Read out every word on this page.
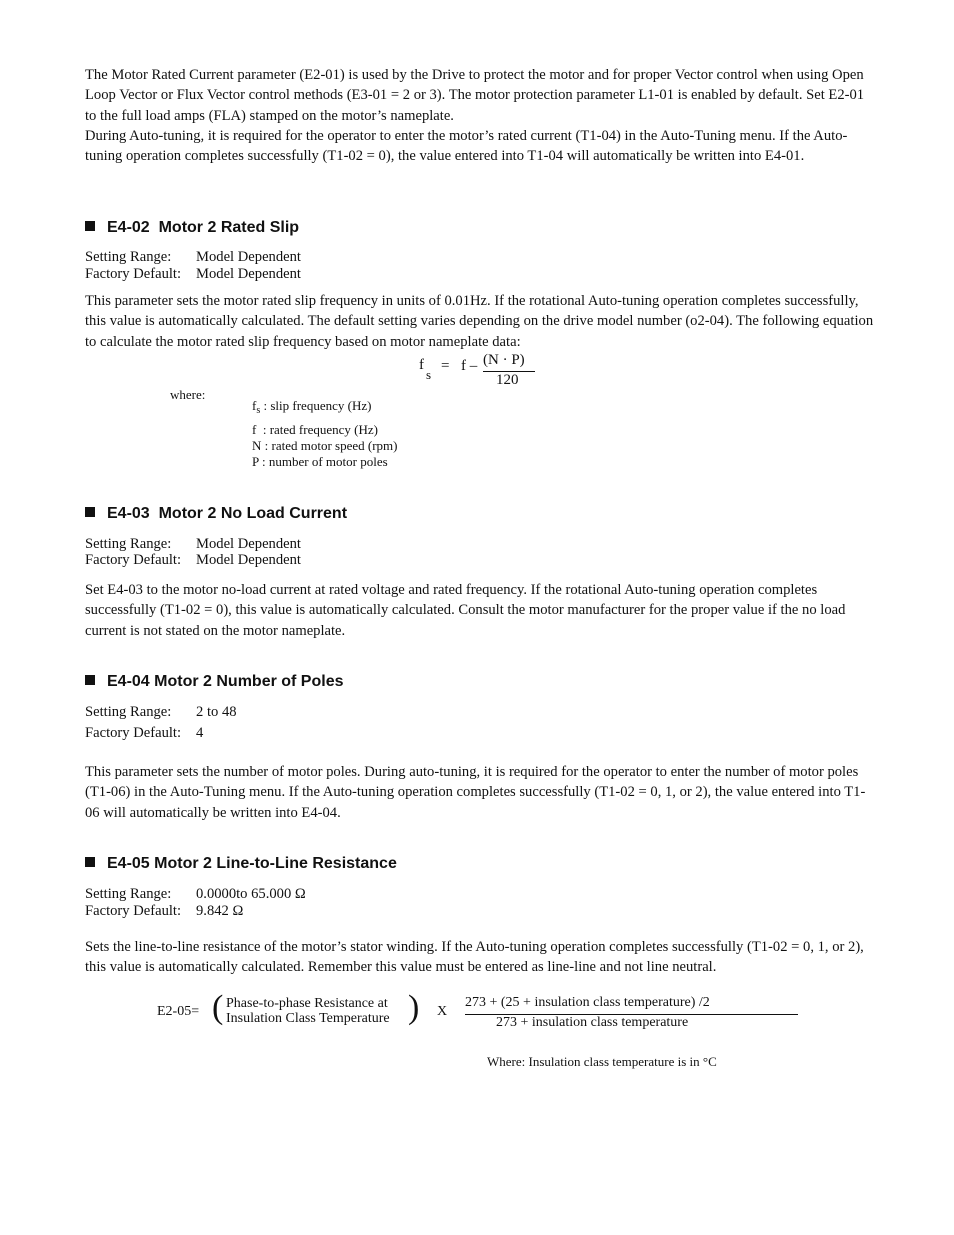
The Motor Rated Current parameter (E2-01) is used by the Drive to protect the motor and for proper Vector control when using Open Loop Vector or Flux Vector control methods (E3-01 = 2 or 3). The motor protection parameter L1-01 is enabled by default. Set E2-01 to the full load amps (FLA) stamped on the motor’s nameplate.

During Auto-tuning, it is required for the operator to enter the motor’s rated current (T1-04) in the Auto-Tuning menu. If the Auto-tuning operation completes successfully (T1-02 = 0), the value entered into T1-04 will automatically be written into E4-01.

E4-02 Motor 2 Rated Slip
Setting Range: Model Dependent
Factory Default: Model Dependent

This parameter sets the motor rated slip frequency in units of 0.01Hz. If the rotational Auto-tuning operation completes successfully, this value is automatically calculated. The default setting varies depending on the drive model number (o2-04). The following equation to calculate the motor rated slip frequency based on motor nameplate data:

f
s
= f – (N · P)
120
where:
$f_s$ : slip frequency (Hz)
f  : rated frequency (Hz)
N : rated motor speed (rpm)
P : number of motor poles
E4-03 Motor 2 No Load Current
Setting Range: Model Dependent
Factory Default: Model Dependent

Set E4-03 to the motor no-load current at rated voltage and rated frequency. If the rotational Auto-tuning operation completes successfully (T1-02 = 0), this value is automatically calculated. Consult the motor manufacturer for the proper value if the no load current is not stated on the motor nameplate.

E4-04 Motor 2 Number of Poles
Setting Range: 2 to 48
Factory Default: 4

This parameter sets the number of motor poles. During auto-tuning, it is required for the operator to enter the number of motor poles (T1-06) in the Auto-Tuning menu. If the Auto-tuning operation completes successfully (T1-02 = 0, 1, or 2), the value entered into T1-06 will automatically be written into E4-04.

E4-05 Motor 2 Line-to-Line Resistance
Setting Range: 0.0000to 65.000 Ω
Factory Default: 9.842 Ω

Sets the line-to-line resistance of the motor’s stator winding. If the Auto-tuning operation completes successfully (T1-02 = 0, 1, or 2), this value is automatically calculated. Remember this value must be entered as line-line and not line neutral.

E2-05= ( Phase-to-phase Resistance at
Insulation Class Temperature ) X
273 + (25 + insulation class temperature) /2
273 + insulation class temperature
Where: Insulation class temperature is in °C
